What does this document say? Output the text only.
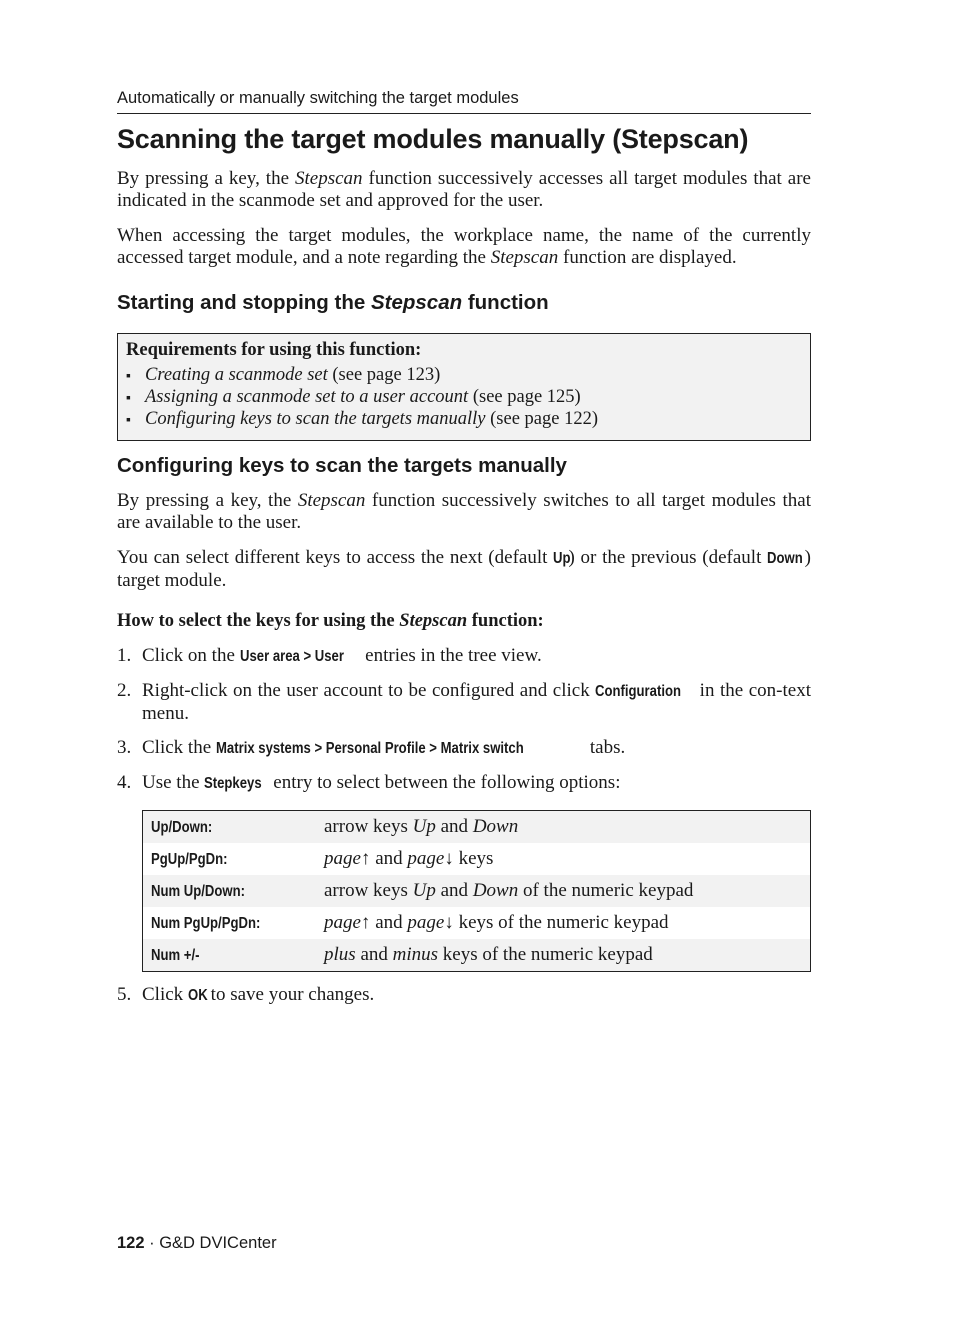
Automatically or manually switching the target modules
Scanning the target modules manually (Stepscan)

By pressing a key, the Stepscan function successively accesses all target modules that are indicated in the scanmode set and approved for the user.

When accessing the target modules, the workplace name, the name of the currently accessed target module, and a note regarding the Stepscan function are displayed.

Starting and stopping the Stepscan function
Requirements for using this function:
▪ Creating a scanmode set (see page 123)
▪ Assigning a scanmode set to a user account (see page 125)
▪ Configuring keys to scan the targets manually (see page 122)
Configuring keys to scan the targets manually

By pressing a key, the Stepscan function successively switches to all target modules that are available to the user.

You can select different keys to access the next (default Up) or the previous (default Down) target module.

How to select the keys for using the Stepscan function:

1. Click on the User area > User entries in the tree view.
2. Right-click on the user account to be configured and click Configuration in the con-text menu.
3. Click the Matrix systems > Personal Profile > Matrix switch	tabs.
4. Use the Stepkeys entry to select between the following options:
Up/Down:	arrow keys Up and Down
PgUp/PgDn:	page↑ and page↓ keys
Num Up/Down:	arrow keys Up and Down of the numeric keypad
Num PgUp/PgDn:	page↑ and page↓ keys of the numeric keypad
Num +/-	plus and minus keys of the numeric keypad
5. Click OK to save your changes.
122 · G&D DVICenter
